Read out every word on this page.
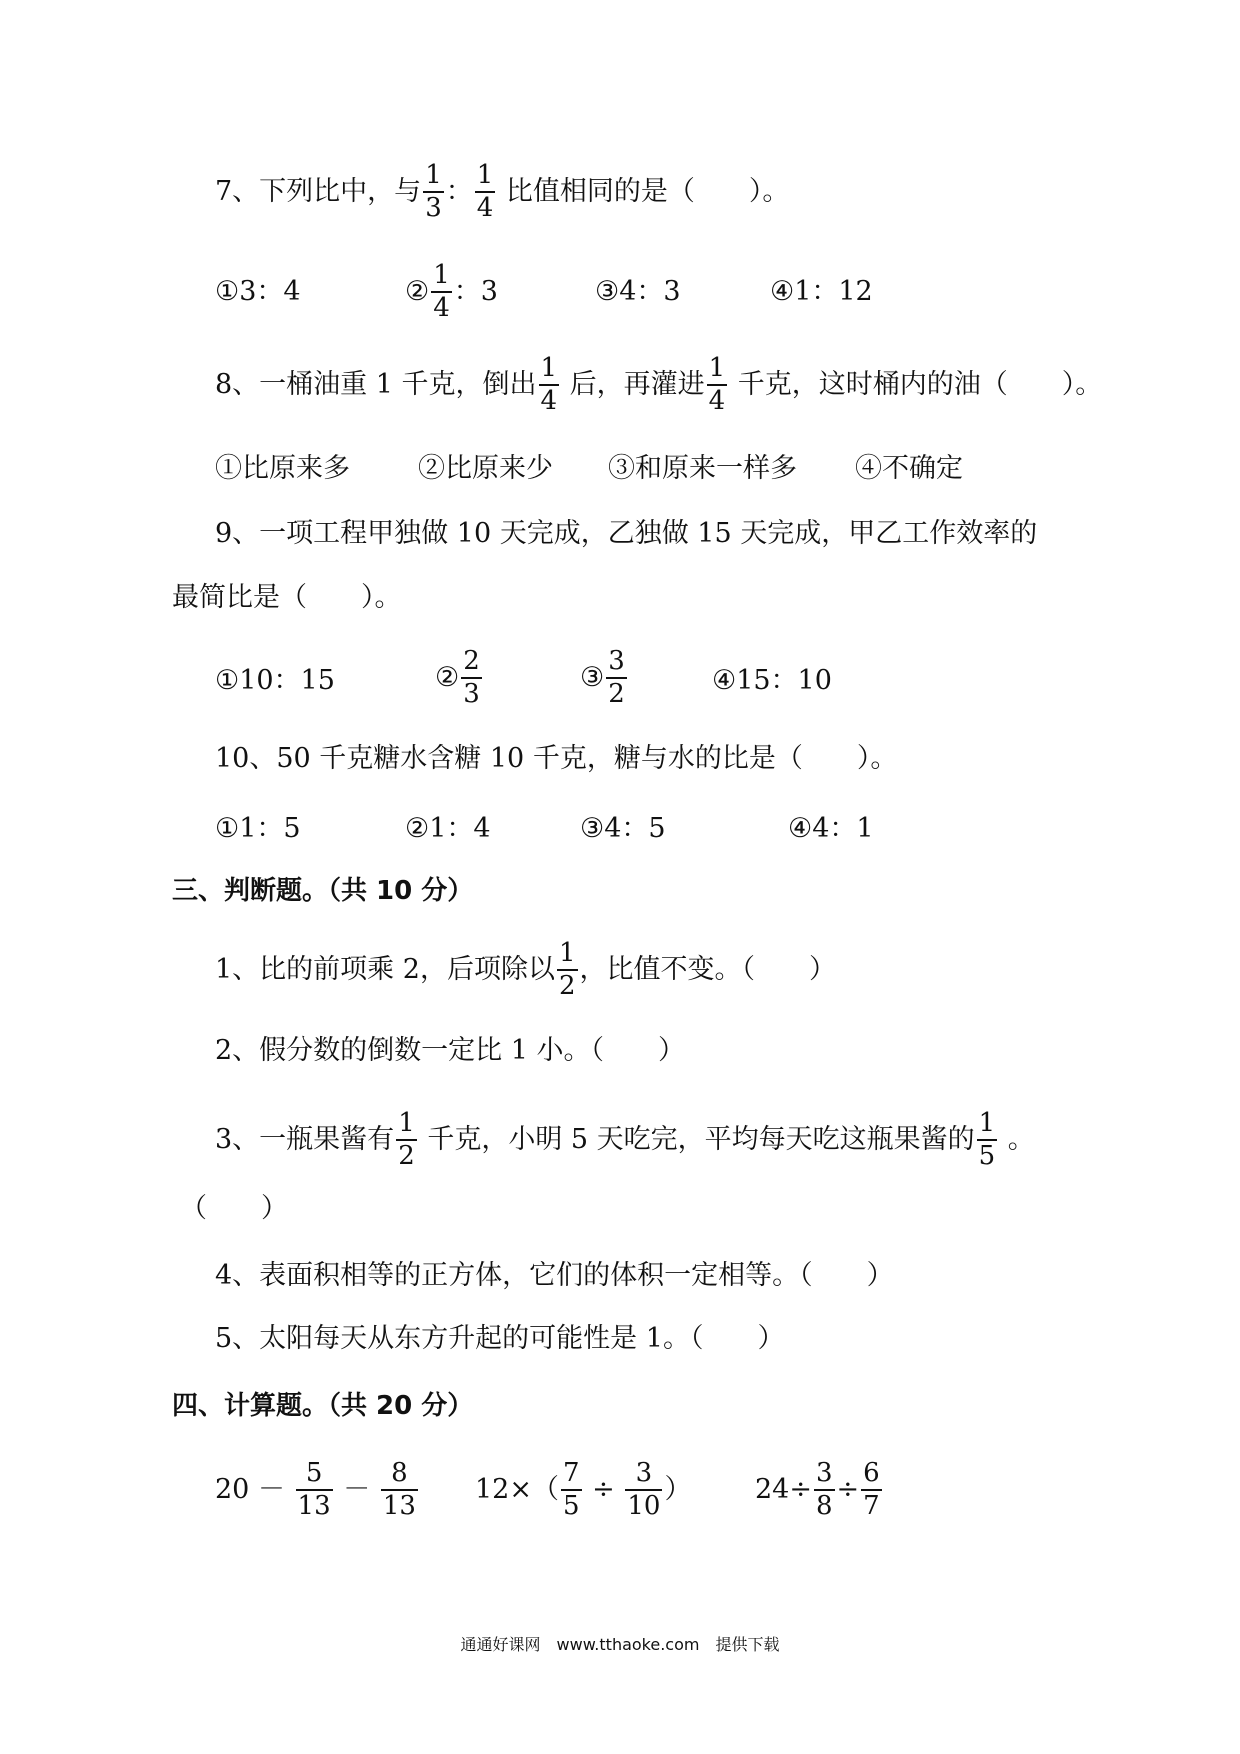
7、下列比中，与 $\frac{1}{3}$ ： $\frac{1}{4}$ 比值相同的是（　　）。
①3：4	② $\frac{1}{4}$ ：3	③4：3	④1：12
8、一桶油重 1 千克，倒出 $\frac{1}{4}$ 后，再灌进 $\frac{1}{4}$ 千克，这时桶内的油（　　）。
①比原来多	②比原来少 ③和原来一样多 ④不确定
9、一项工程甲独做 10 天完成，乙独做 15 天完成，甲乙工作效率的
最简比是（　　）。
①10：15	② $\frac{2}{3}$	③ $\frac{3}{2}$	④15：10
10、50 千克糖水含糖 10 千克，糖与水的比是（　　）。
①1：5	②1：4	③4：5	④4：1
三、判断题。（共 10 分）
1、比的前项乘 2，后项除以 $\frac{1}{2}$ ，比值不变。（　　）
2、假分数的倒数一定比 1 小。（　　）
3、一瓶果酱有 $\frac{1}{2}$ 千克，小明 5 天吃完，平均每天吃这瓶果酱的 $\frac{1}{5}$ 。
（　　）
4、表面积相等的正方体，它们的体积一定相等。（　　）
5、太阳每天从东方升起的可能性是 1。（　　）
四、计算题。（共 20 分）
$20 - \frac{5}{13} - \frac{8}{13} 12\times( \frac{7}{5} \div \frac{3}{10}$ ） $24\div \frac{3}{8} \div \frac{6}{7}$
通通好课网　www.tthaoke.com　提供下载
